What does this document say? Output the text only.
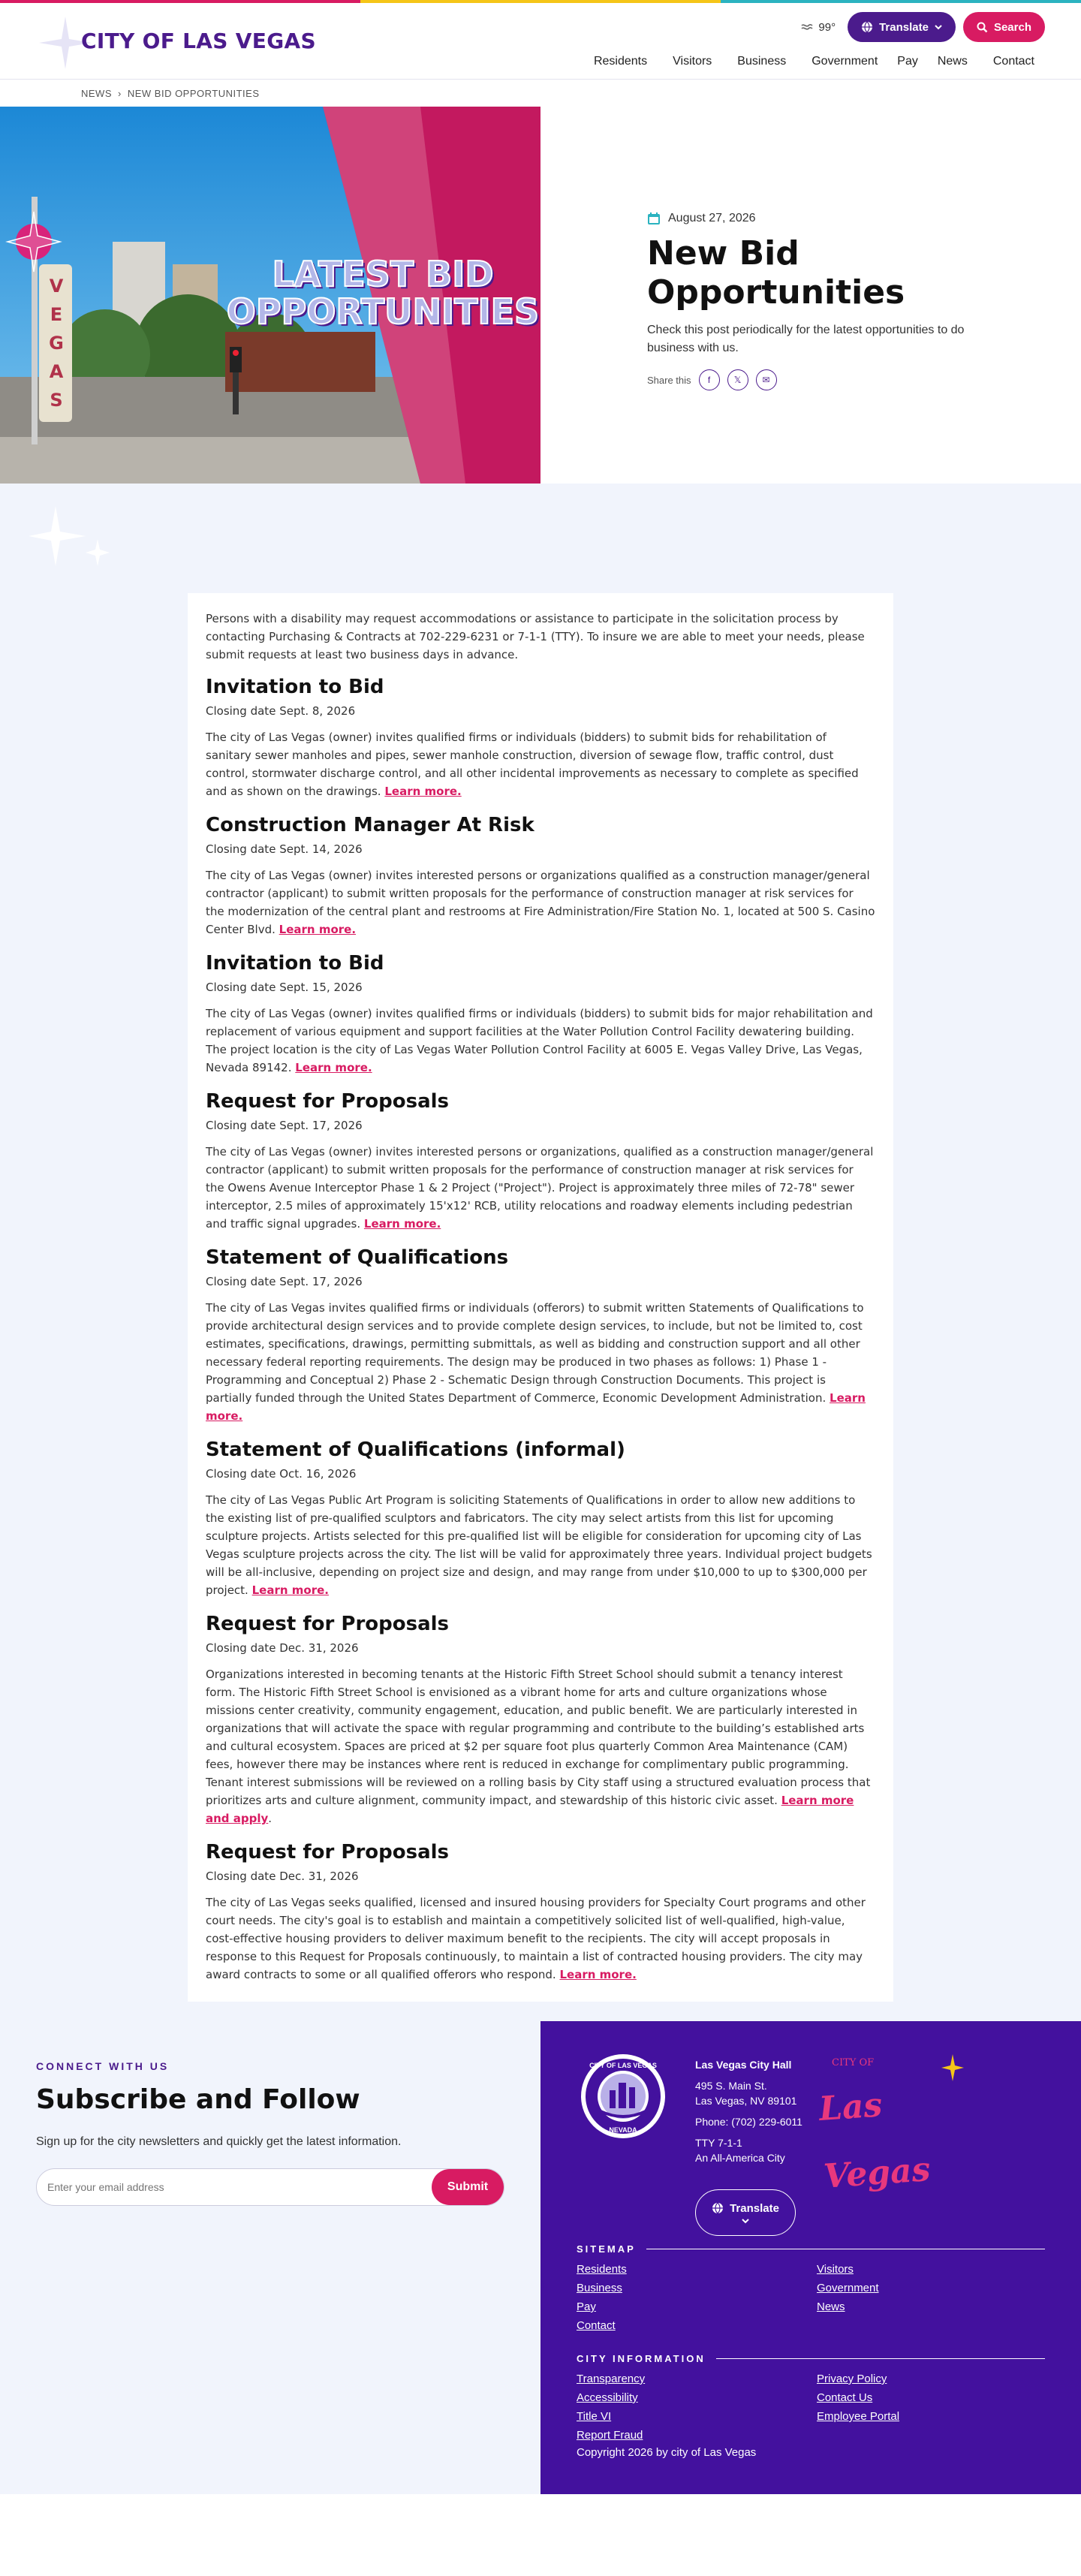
CITY OF LAS VEGAS
99°	Translate	Search
Residents Visitors Business Government Pay News Contact
NEWS › NEW BID OPPORTUNITIES
VEGAS
LATEST BID
OPPORTUNITIES
August 27, 2026
New Bid Opportunities

Check this post periodically for the latest opportunities to do business with us.

Share this	f	𝕏	✉

Persons with a disability may request accommodations or assistance to participate in the solicitation process by contacting Purchasing & Contracts at 702-229-6231 or 7-1-1 (TTY). To insure we are able to meet your needs, please submit requests at least two business days in advance.

Invitation to Bid
Closing date Sept. 8, 2026
The city of Las Vegas (owner) invites qualified firms or individuals (bidders) to submit bids for rehabilitation of sanitary sewer manholes and pipes, sewer manhole construction, diversion of sewage flow, traffic control, dust control, stormwater discharge control, and all other incidental improvements as necessary to complete as specified and as shown on the drawings. Learn more.
Construction Manager At Risk
Closing date Sept. 14, 2026
The city of Las Vegas (owner) invites interested persons or organizations qualified as a construction manager/general contractor (applicant) to submit written proposals for the performance of construction manager at risk services for the modernization of the central plant and restrooms at Fire Administration/Fire Station No. 1, located at 500 S. Casino Center Blvd. Learn more.
Invitation to Bid
Closing date Sept. 15, 2026
The city of Las Vegas (owner) invites qualified firms or individuals (bidders) to submit bids for major rehabilitation and replacement of various equipment and support facilities at the Water Pollution Control Facility dewatering building. The project location is the city of Las Vegas Water Pollution Control Facility at 6005 E. Vegas Valley Drive, Las Vegas, Nevada 89142. Learn more.
Request for Proposals
Closing date Sept. 17, 2026
The city of Las Vegas (owner) invites interested persons or organizations, qualified as a construction manager/general contractor (applicant) to submit written proposals for the performance of construction manager at risk services for the Owens Avenue Interceptor Phase 1 & 2 Project ("Project"). Project is approximately three miles of 72-78" sewer interceptor, 2.5 miles of approximately 15'x12' RCB, utility relocations and roadway elements including pedestrian and traffic signal upgrades. Learn more.
Statement of Qualifications
Closing date Sept. 17, 2026
The city of Las Vegas invites qualified firms or individuals (offerors) to submit written Statements of Qualifications to provide architectural design services and to provide complete design services, to include, but not be limited to, cost estimates, specifications, drawings, permitting submittals, as well as bidding and construction support and all other necessary federal reporting requirements. The design may be produced in two phases as follows: 1) Phase 1 - Programming and Conceptual 2) Phase 2 - Schematic Design through Construction Documents. This project is partially funded through the United States Department of Commerce, Economic Development Administration. Learn more.
Statement of Qualifications (informal)
Closing date Oct. 16, 2026
The city of Las Vegas Public Art Program is soliciting Statements of Qualifications in order to allow new additions to the existing list of pre-qualified sculptors and fabricators. The city may select artists from this list for upcoming sculpture projects. Artists selected for this pre-qualified list will be eligible for consideration for upcoming city of Las Vegas sculpture projects across the city. The list will be valid for approximately three years. Individual project budgets will be all-inclusive, depending on project size and design, and may range from under $10,000 to up to $300,000 per project. Learn more.
Request for Proposals
Closing date Dec. 31, 2026
Organizations interested in becoming tenants at the Historic Fifth Street School should submit a tenancy interest form. The Historic Fifth Street School is envisioned as a vibrant home for arts and culture organizations whose missions center creativity, community engagement, education, and public benefit. We are particularly interested in organizations that will activate the space with regular programming and contribute to the building’s established arts and cultural ecosystem. Spaces are priced at $2 per square foot plus quarterly Common Area Maintenance (CAM) fees, however there may be instances where rent is reduced in exchange for complimentary public programming. Tenant interest submissions will be reviewed on a rolling basis by City staff using a structured evaluation process that prioritizes arts and culture alignment, community impact, and stewardship of this historic civic asset. Learn more and apply.
Request for Proposals
Closing date Dec. 31, 2026
The city of Las Vegas seeks qualified, licensed and insured housing providers for Specialty Court programs and other court needs. The city's goal is to establish and maintain a competitively solicited list of well-qualified, high-value, cost-effective housing providers to deliver maximum benefit to the recipients. The city will accept proposals in response to this Request for Proposals continuously, to maintain a list of contracted housing providers. The city may award contracts to some or all qualified offerors who respond. Learn more.
CONNECT WITH US
Subscribe and Follow

Sign up for the city newsletters and quickly get the latest information.

Enter your email address
Submit
CITY OF LAS VEGAS
NEVADA
Las Vegas City Hall
495 S. Main St.
Las Vegas, NV 89101
Phone: (702) 229-6011
TTY 7-1-1
An All-America City
Translate
CITY OF
Las Vegas
SITEMAP
Residents	Visitors
Business	Government
Pay	News
Contact
CITY INFORMATION
Transparency	Privacy Policy
Accessibility	Contact Us
Title VI	Employee Portal
Report Fraud
Copyright 2026 by city of Las Vegas
